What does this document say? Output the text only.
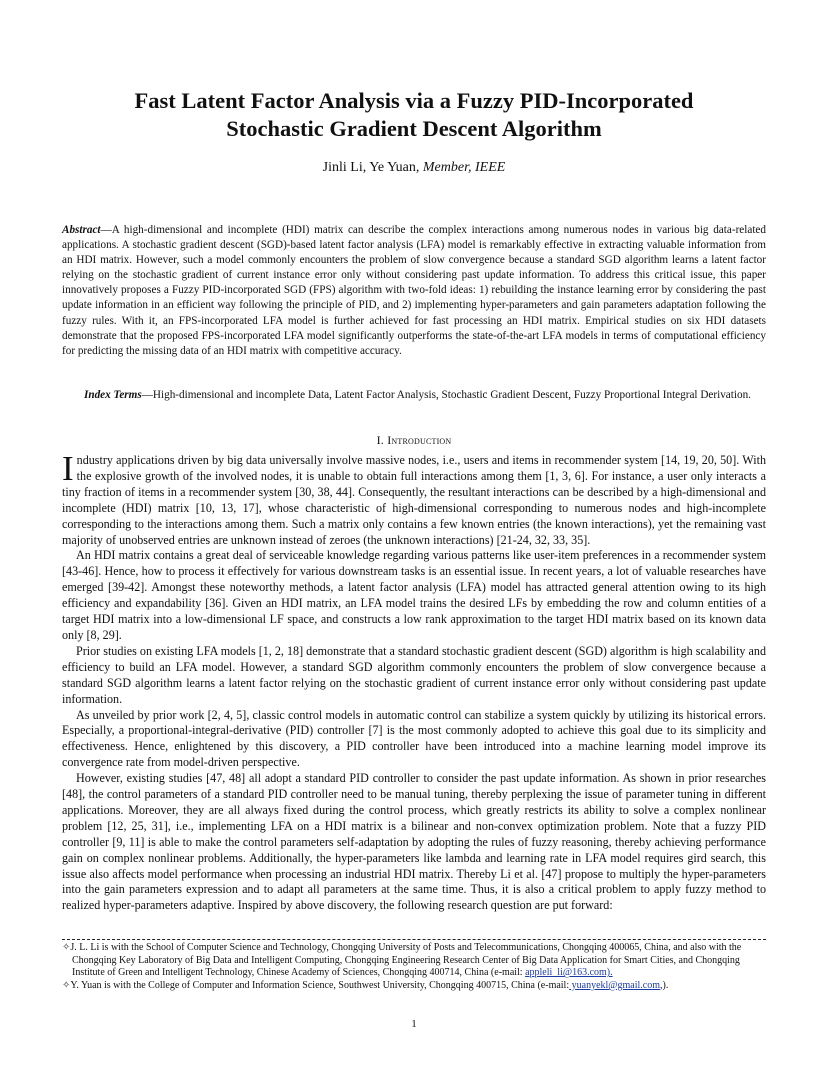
Fast Latent Factor Analysis via a Fuzzy PID-Incorporated
Stochastic Gradient Descent Algorithm
Jinli Li, Ye Yuan, Member, IEEE
Abstract—A high-dimensional and incomplete (HDI) matrix can describe the complex interactions among numerous nodes in various big data-related applications. A stochastic gradient descent (SGD)-based latent factor analysis (LFA) model is remarkably effective in extracting valuable information from an HDI matrix. However, such a model commonly encounters the problem of slow convergence because a standard SGD algorithm learns a latent factor relying on the stochastic gradient of current instance error only without considering past update information. To address this critical issue, this paper innovatively proposes a Fuzzy PID-incorporated SGD (FPS) algorithm with two-fold ideas: 1) rebuilding the instance learning error by considering the past update information in an efficient way following the principle of PID, and 2) implementing hyper-parameters and gain parameters adaptation following the fuzzy rules. With it, an FPS-incorporated LFA model is further achieved for fast processing an HDI matrix. Empirical studies on six HDI datasets demonstrate that the proposed FPS-incorporated LFA model significantly outperforms the state-of-the-art LFA models in terms of computational efficiency for predicting the missing data of an HDI matrix with competitive accuracy.
Index Terms—High-dimensional and incomplete Data, Latent Factor Analysis, Stochastic Gradient Descent, Fuzzy Proportional Integral Derivation.
I. Introduction

Industry applications driven by big data universally involve massive nodes, i.e., users and items in recommender system [14, 19, 20, 50]. With the explosive growth of the involved nodes, it is unable to obtain full interactions among them [1, 3, 6]. For instance, a user only interacts a tiny fraction of items in a recommender system [30, 38, 44]. Consequently, the resultant interactions can be described by a high-dimensional and incomplete (HDI) matrix [10, 13, 17], whose characteristic of high-dimensional corresponding to numerous nodes and high-incomplete corresponding to the interactions among them. Such a matrix only contains a few known entries (the known interactions), yet the remaining vast majority of unobserved entries are unknown instead of zeroes (the unknown interactions) [21-24, 32, 33, 35].

An HDI matrix contains a great deal of serviceable knowledge regarding various patterns like user-item preferences in a recommender system [43-46]. Hence, how to process it effectively for various downstream tasks is an essential issue. In recent years, a lot of valuable researches have emerged [39-42]. Amongst these noteworthy methods, a latent factor analysis (LFA) model has attracted general attention owing to its high efficiency and expandability [36]. Given an HDI matrix, an LFA model trains the desired LFs by embedding the row and column entities of a target HDI matrix into a low-dimensional LF space, and constructs a low rank approximation to the target HDI matrix based on its known data only [8, 29].

Prior studies on existing LFA models [1, 2, 18] demonstrate that a standard stochastic gradient descent (SGD) algorithm is high scalability and efficiency to build an LFA model. However, a standard SGD algorithm commonly encounters the problem of slow convergence because a standard SGD algorithm learns a latent factor relying on the stochastic gradient of current instance error only without considering past update information.

As unveiled by prior work [2, 4, 5], classic control models in automatic control can stabilize a system quickly by utilizing its historical errors. Especially, a proportional-integral-derivative (PID) controller [7] is the most commonly adopted to achieve this goal due to its simplicity and effectiveness. Hence, enlightened by this discovery, a PID controller have been introduced into a machine learning model improve its convergence rate from model-driven perspective.

However, existing studies [47, 48] all adopt a standard PID controller to consider the past update information. As shown in prior researches [48], the control parameters of a standard PID controller need to be manual tuning, thereby perplexing the issue of parameter tuning in different applications. Moreover, they are all always fixed during the control process, which greatly restricts its ability to solve a complex nonlinear problem [12, 25, 31], i.e., implementing LFA on a HDI matrix is a bilinear and non-convex optimization problem. Note that a fuzzy PID controller [9, 11] is able to make the control parameters self-adaptation by adopting the rules of fuzzy reasoning, thereby achieving performance gain on complex nonlinear problems. Additionally, the hyper-parameters like lambda and learning rate in LFA model requires gird search, this issue also affects model performance when processing an industrial HDI matrix. Thereby Li et al. [47] propose to multiply the hyper-parameters into the gain parameters expression and to adapt all parameters at the same time. Thus, it is also a critical problem to apply fuzzy method to realized hyper-parameters adaptive. Inspired by above discovery, the following research question are put forward:

✧J. L. Li is with the School of Computer Science and Technology, Chongqing University of Posts and Telecommunications, Chongqing 400065, China, and also with the Chongqing Key Laboratory of Big Data and Intelligent Computing, Chongqing Engineering Research Center of Big Data Application for Smart Cities, and Chongqing Institute of Green and Intelligent Technology, Chinese Academy of Sciences, Chongqing 400714, China (e-mail: appleli_li@163.com).

✧Y. Yuan is with the College of Computer and Information Science, Southwest University, Chongqing 400715, China (e-mail: yuanyekl@gmail.com,).

1
